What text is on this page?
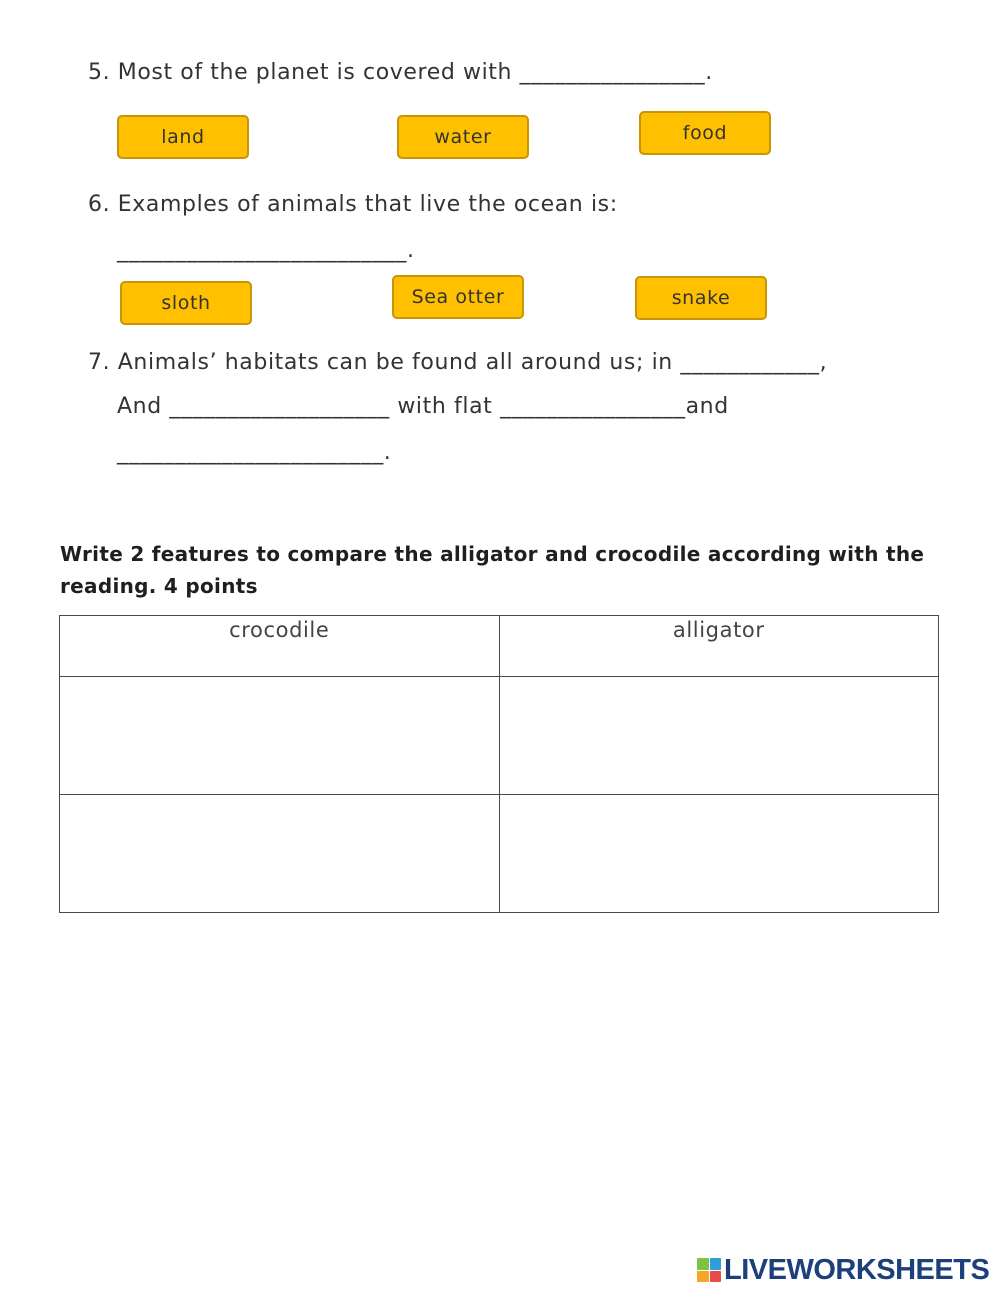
5. Most of the planet is covered with ________________.
land	water	food
6. Examples of animals that live the ocean is:
_________________________.
sloth	Sea otter	snake
7. Animals’ habitats can be found all around us; in ____________,
And ___________________ with flat ________________and
_______________________.
Write 2 features to compare the alligator and crocodile according with the reading. 4 points
crocodile	alligator

LIVEWORKSHEETS
